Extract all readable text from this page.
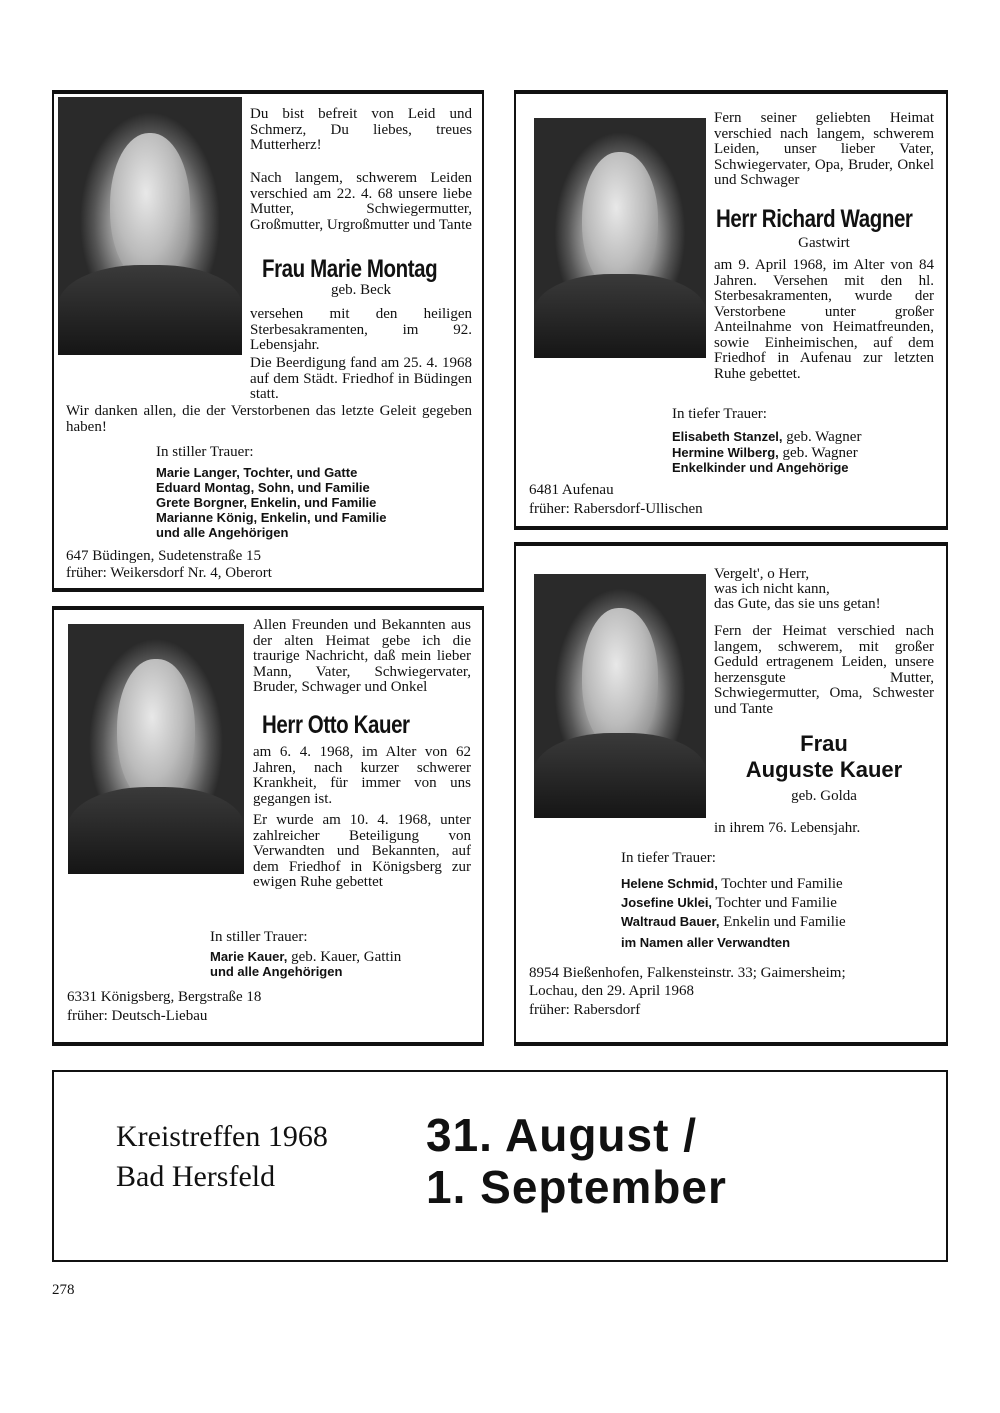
Du bist befreit von Leid und Schmerz, Du liebes, treues Mutterherz!
Nach langem, schwerem Leiden verschied am 22. 4. 68 unsere liebe Mutter, Schwiegermutter, Großmutter, Urgroßmutter und Tante
Frau Marie Montag
geb. Beck
versehen mit den heiligen Sterbesakramenten, im 92. Lebensjahr.
Die Beerdigung fand am 25. 4. 1968 auf dem Städt. Friedhof in Büdingen statt.
Wir danken allen, die der Verstorbenen das letzte Geleit gegeben haben!
In stiller Trauer:
Marie Langer, Tochter, und Gatte
Eduard Montag, Sohn, und Familie
Grete Borgner, Enkelin, und Familie
Marianne König, Enkelin, und Familie
und alle Angehörigen
647 Büdingen, Sudetenstraße 15
früher: Weikersdorf Nr. 4, Oberort
Fern seiner geliebten Heimat verschied nach langem, schwerem Leiden, unser lieber Vater, Schwiegervater, Opa, Bruder, Onkel und Schwager
Herr Richard Wagner
Gastwirt
am 9. April 1968, im Alter von 84 Jahren. Versehen mit den hl. Sterbesakramenten, wurde der Verstorbene unter großer Anteilnahme von Heimatfreunden, sowie Einheimischen, auf dem Friedhof in Aufenau zur letzten Ruhe gebettet.
In tiefer Trauer:
Elisabeth Stanzel, geb. Wagner
Hermine Wilberg, geb. Wagner
Enkelkinder und Angehörige
6481 Aufenau
früher: Rabersdorf-Ullischen
Allen Freunden und Bekannten aus der alten Heimat gebe ich die traurige Nachricht, daß mein lieber Mann, Vater, Schwiegervater, Bruder, Schwager und Onkel
Herr Otto Kauer
am 6. 4. 1968, im Alter von 62 Jahren, nach kurzer schwerer Krankheit, für immer von uns gegangen ist.
Er wurde am 10. 4. 1968, unter zahlreicher Beteiligung von Verwandten und Bekannten, auf dem Friedhof in Königsberg zur ewigen Ruhe gebettet
In stiller Trauer:
Marie Kauer, geb. Kauer, Gattin
und alle Angehörigen
6331 Königsberg, Bergstraße 18
früher: Deutsch-Liebau
Vergelt', o Herr,
was ich nicht kann,
das Gute, das sie uns getan!
Fern der Heimat verschied nach langem, schwerem, mit großer Geduld ertragenem Leiden, unsere herzensgute Mutter, Schwiegermutter, Oma, Schwester und Tante
Frau
Auguste Kauer
geb. Golda
in ihrem 76. Lebensjahr.
In tiefer Trauer:
Helene Schmid, Tochter und Familie
Josefine Uklei, Tochter und Familie
Waltraud Bauer, Enkelin und Familie
im Namen aller Verwandten
8954 Bießenhofen, Falkensteinstr. 33; Gaimersheim;
Lochau, den 29. April 1968
früher: Rabersdorf
Kreistreffen 1968
Bad Hersfeld
31. August /
1. September
278
